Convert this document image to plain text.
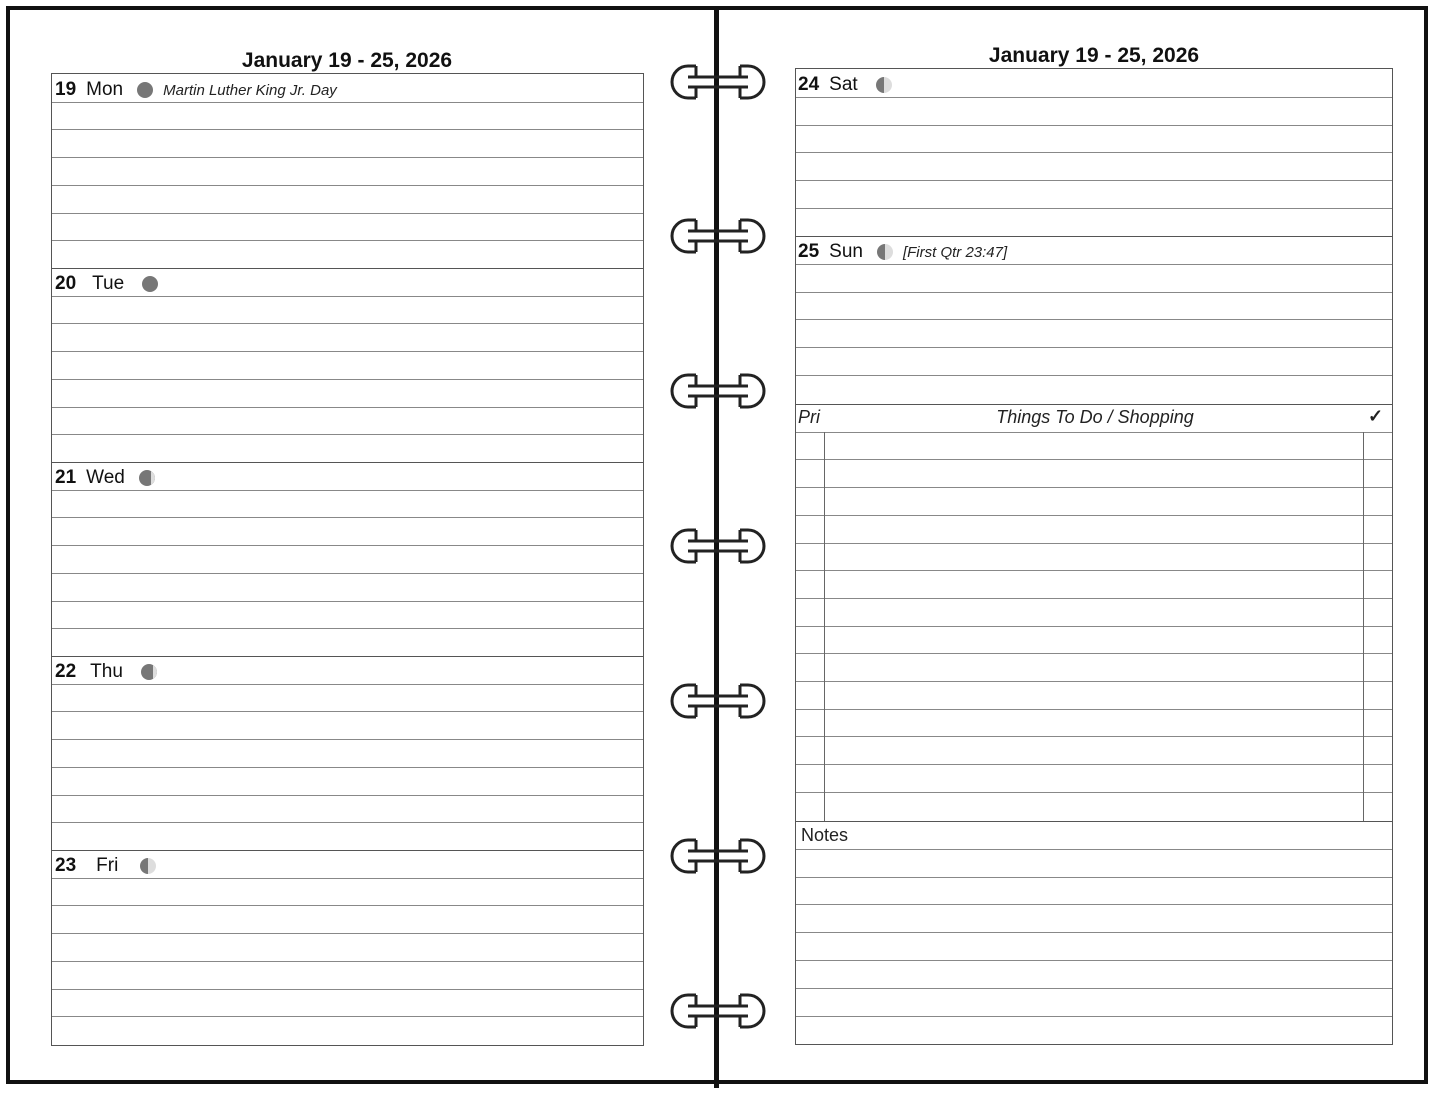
January 19 - 25, 2026
19 Mon	Martin Luther King Jr. Day
20 Tue
21 Wed
22 Thu
23 Fri
January 19 - 25, 2026
24 Sat
25 Sun	[First Qtr 23:47]
Pri	Things To Do / Shopping	✓
Notes
